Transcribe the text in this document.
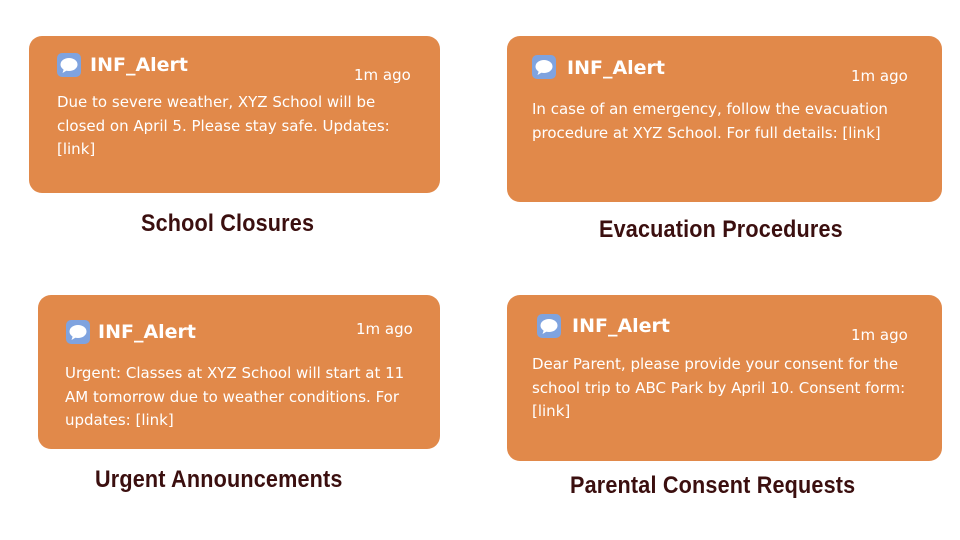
INF_Alert	1m ago

Due to severe weather, XYZ School will be closed on April 5. Please stay safe. Updates: [link]

School Closures
INF_Alert	1m ago

In case of an emergency, follow the evacuation procedure at XYZ School. For full details: [link]

Evacuation Procedures
INF_Alert	1m ago

Urgent: Classes at XYZ School will start at 11 AM tomorrow due to weather conditions. For updates: [link]

Urgent Announcements
INF_Alert	1m ago

Dear Parent, please provide your consent for the school trip to ABC Park by April 10. Consent form: [link]

Parental Consent Requests
